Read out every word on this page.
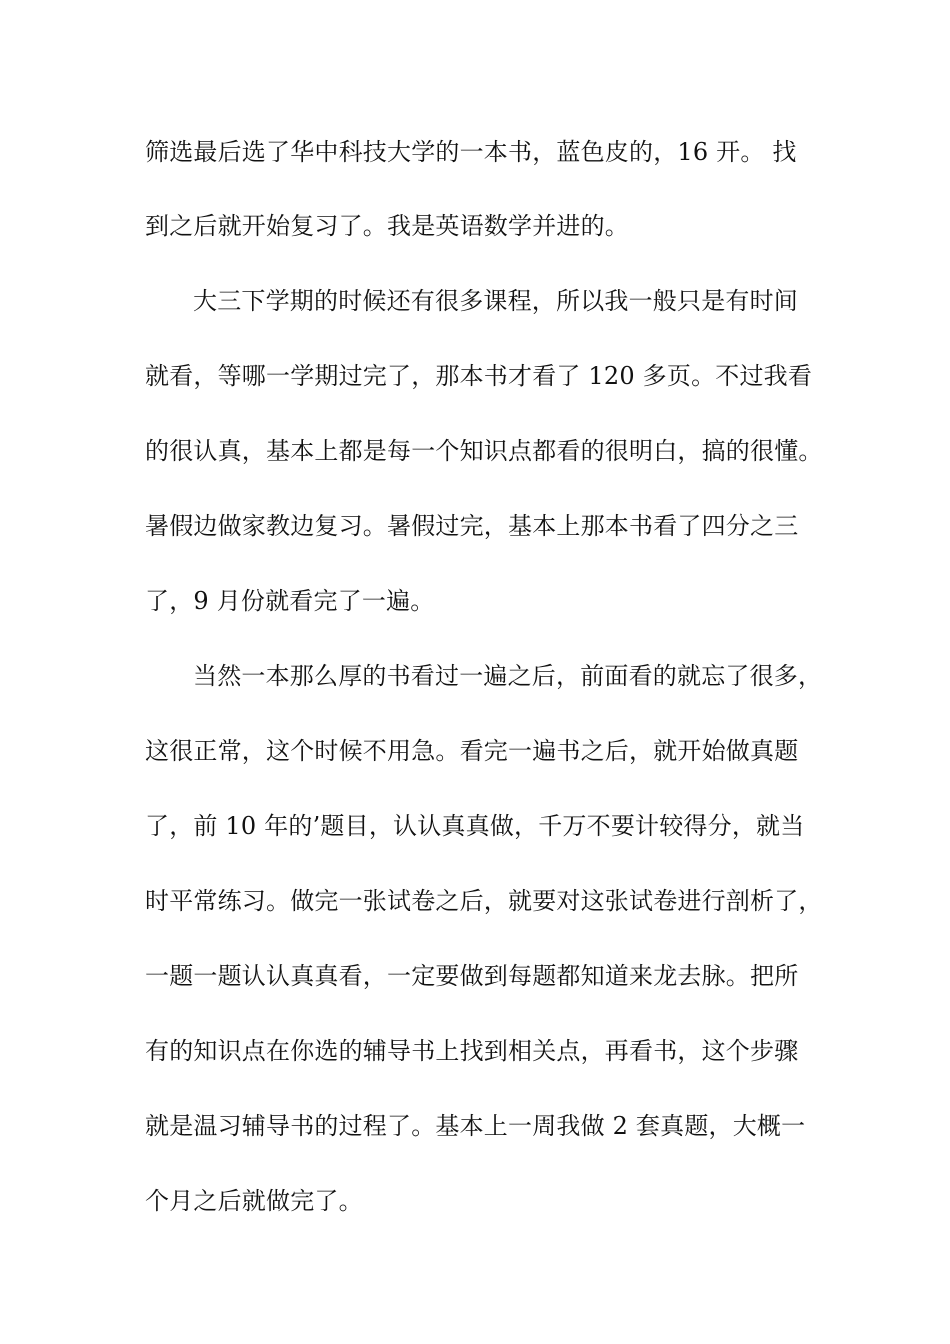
筛选最后选了华中科技大学的一本书，蓝色皮的，16 开。 找
到之后就开始复习了。我是英语数学并进的。
大三下学期的时候还有很多课程，所以我一般只是有时间
就看，等哪一学期过完了，那本书才看了 120 多页。不过我看
的很认真，基本上都是每一个知识点都看的很明白，搞的很懂。
暑假边做家教边复习。暑假过完，基本上那本书看了四分之三
了，9 月份就看完了一遍。
当然一本那么厚的书看过一遍之后，前面看的就忘了很多，
这很正常，这个时候不用急。看完一遍书之后，就开始做真题
了，前 10 年的’题目，认认真真做，千万不要计较得分，就当
时平常练习。做完一张试卷之后，就要对这张试卷进行剖析了，
一题一题认认真真看，一定要做到每题都知道来龙去脉。把所
有的知识点在你选的辅导书上找到相关点，再看书，这个步骤
就是温习辅导书的过程了。基本上一周我做 2 套真题，大概一
个月之后就做完了。
